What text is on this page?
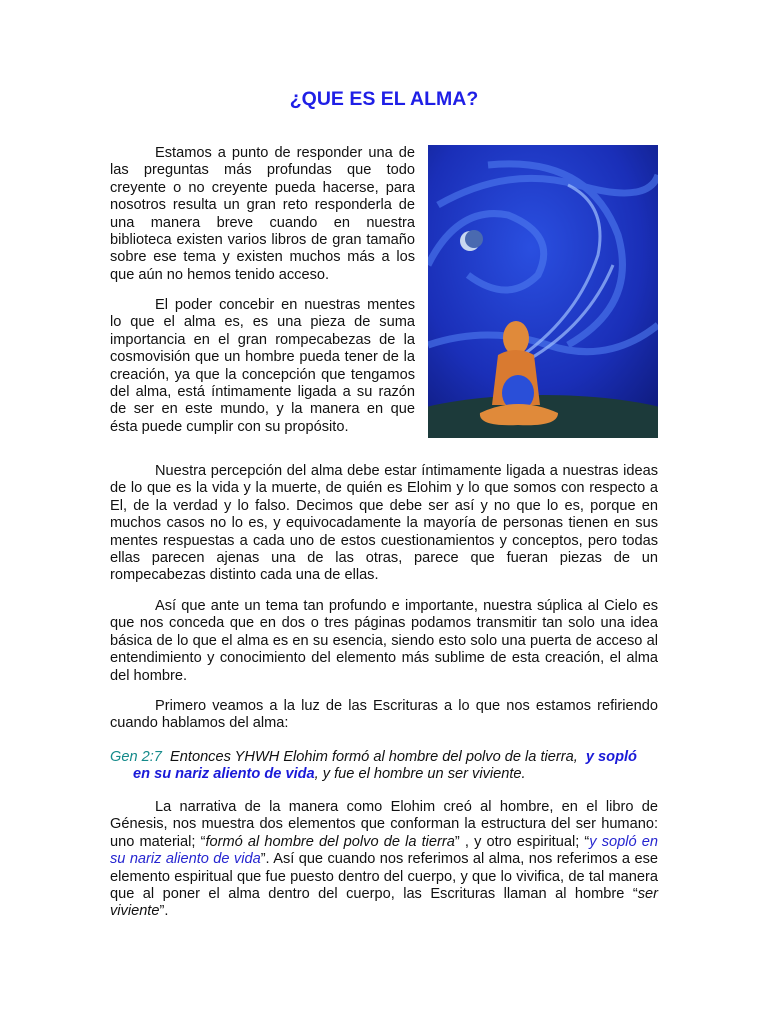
¿QUE ES EL ALMA?

Estamos a punto de responder una de las preguntas más profundas que todo creyente o no creyente pueda hacerse, para nosotros resulta un gran reto responderla de una manera breve cuando en nuestra biblioteca existen varios libros de gran tamaño sobre ese tema y existen muchos más a los que aún no hemos tenido acceso.

El poder concebir en nuestras mentes lo que el alma es, es una pieza de suma importancia en el gran rompecabezas de la cosmovisión que un hombre pueda tener de la creación, ya que la concepción que tengamos del alma, está íntimamente ligada a su razón de ser en este mundo, y la manera en que ésta puede cumplir con su propósito.

Nuestra percepción del alma debe estar íntimamente ligada a nuestras ideas de lo que es la vida y la muerte, de quién es Elohim y lo que somos con respecto a El, de la verdad y lo falso. Decimos que debe ser así y no que lo es, porque en muchos casos no lo es, y equivocadamente la mayoría de personas tienen en sus mentes respuestas a cada uno de estos cuestionamientos y conceptos, pero todas ellas parecen ajenas una de las otras, parece que fueran piezas de un rompecabezas distinto cada una de ellas.

Así que ante un tema tan profundo e importante, nuestra súplica al Cielo es que nos conceda que en dos o tres páginas podamos transmitir tan solo una idea básica de lo que el alma es en su esencia, siendo esto solo una puerta de acceso al entendimiento y conocimiento del elemento más sublime de esta creación, el alma del hombre.

Primero veamos a la luz de las Escrituras a lo que nos estamos refiriendo cuando hablamos del alma:

Gen 2:7 Entonces YHWH Elohim formó al hombre del polvo de la tierra, y sopló en su nariz aliento de vida, y fue el hombre un ser viviente.

La narrativa de la manera como Elohim creó al hombre, en el libro de Génesis, nos muestra dos elementos que conforman la estructura del ser humano: uno material; “formó al hombre del polvo de la tierra” , y otro espiritual; “y sopló en su nariz aliento de vida”. Así que cuando nos referimos al alma, nos referimos a ese elemento espiritual que fue puesto dentro del cuerpo, y que lo vivifica, de tal manera que al poner el alma dentro del cuerpo, las Escrituras llaman al hombre “ser viviente”.
